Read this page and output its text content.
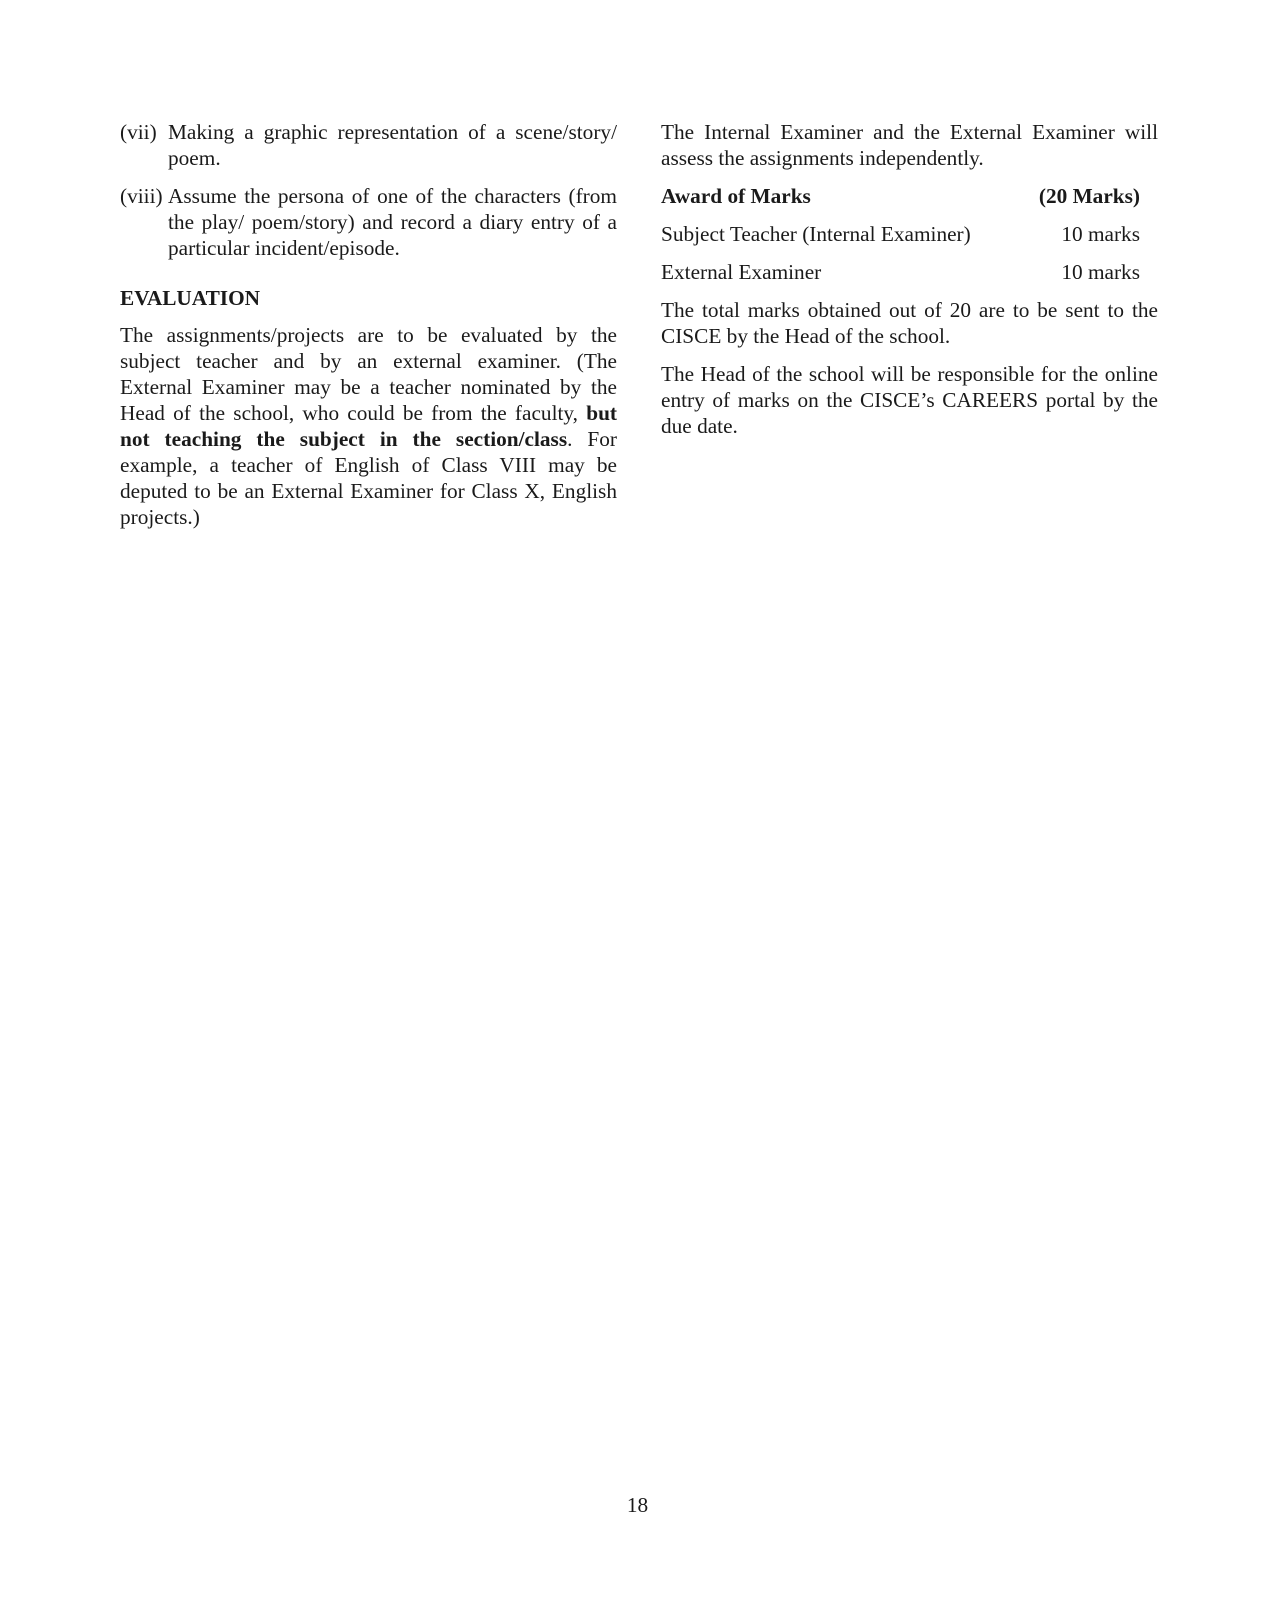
(vii) Making a graphic representation of a scene/story/ poem.
(viii) Assume the persona of one of the characters (from the play/ poem/story) and record a diary entry of a particular incident/episode.
EVALUATION

The assignments/projects are to be evaluated by the subject teacher and by an external examiner. (The External Examiner may be a teacher nominated by the Head of the school, who could be from the faculty, but not teaching the subject in the section/class. For example, a teacher of English of Class VIII may be deputed to be an External Examiner for Class X, English projects.)

The Internal Examiner and the External Examiner will assess the assignments independently.

Award of Marks	(20 Marks)
Subject Teacher (Internal Examiner)	10 marks
External Examiner	10 marks

The total marks obtained out of 20 are to be sent to the CISCE by the Head of the school.

The Head of the school will be responsible for the online entry of marks on the CISCE’s CAREERS portal by the due date.

18
